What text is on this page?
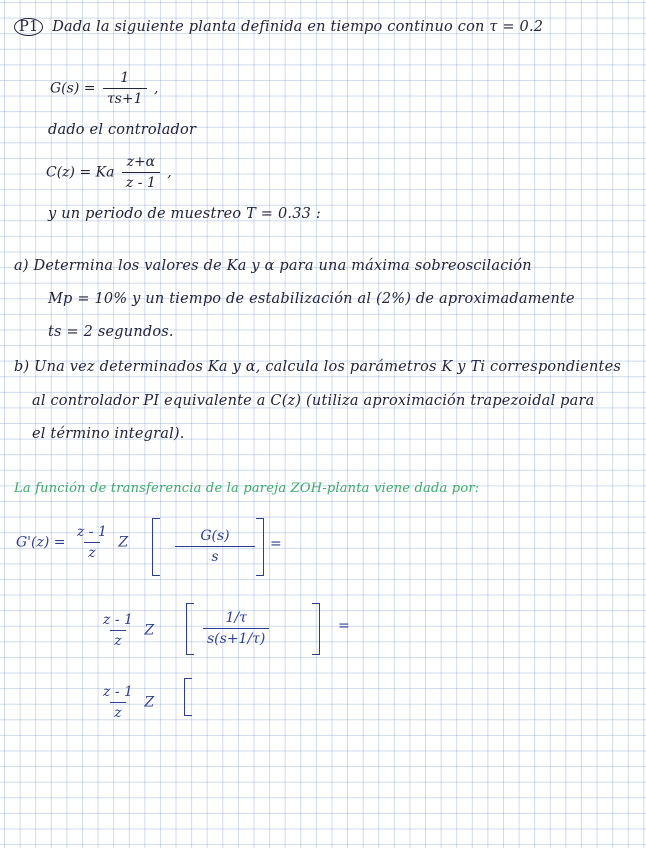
P1 Dada la siguiente planta definida en tiempo continuo con τ = 0.2
$G(s) = \frac{1}{\tau s+1}$ ,
dado el controlador
C(z) = Ka $\frac{z+\alpha}{z - 1}$ ,
y un periodo de muestreo T = 0.33 :
a) Determina los valores de Ka y α para una máxima sobreoscilación
Mp = 10% y un tiempo de estabilización al (2%) de aproximadamente
ts = 2 segundos.
b) Una vez determinados Ka y α, calcula los parámetros K y Ti correspondientes
al controlador PI equivalente a C(z) (utiliza aproximación trapezoidal para
el término integral).
La función de transferencia de la pareja ZOH-planta viene dada por:
$G'(z) = \frac{z - 1}{z}$ Z	$\frac{G(s)}{s}$ =
$\frac{z - 1}{z}$ Z	$\frac{1/\tau}{s(s+1/\tau)}$	=
$\frac{z - 1}{z}$ Z
